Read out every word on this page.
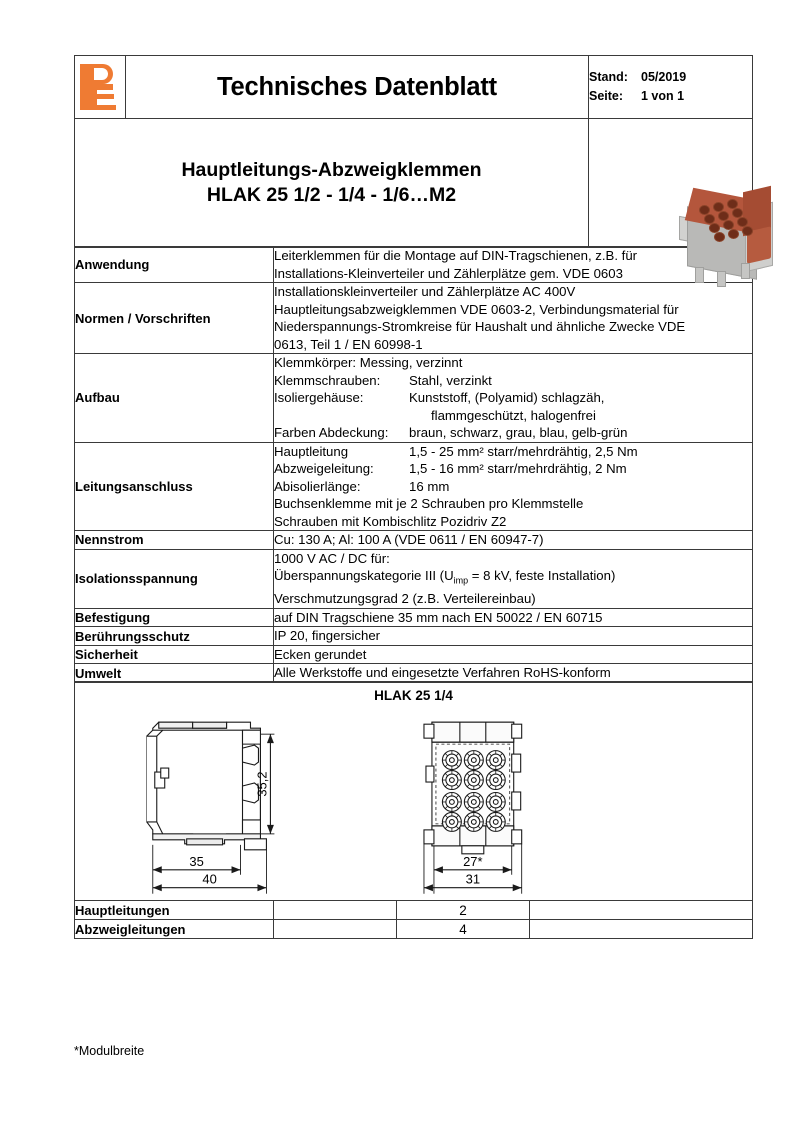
Technisches Datenblatt	Stand: 05/2019
Seite: 1 von 1
Hauptleitungs-Abzweigklemmen
HLAK 25 1/2 - 1/4 - 1/6…M2

Anwendung	Leiterklemmen für die Montage auf DIN-Tragschienen, z.B. für
Installations-Kleinverteiler und Zählerplätze gem. VDE 0603

Normen / Vorschriften	Installationskleinverteiler und Zählerplätze AC 400V
Hauptleitungsabzweigklemmen VDE 0603-2, Verbindungsmaterial für
Niederspannungs-Stromkreise für Haushalt und ähnliche Zwecke VDE
0613, Teil 1 / EN 60998-1

Aufbau	Klemmkörper: Messing, verzinnt
Klemmschrauben: Stahl, verzinkt
Isoliergehäuse: Kunststoff, (Polyamid) schlagzäh,
flammgeschützt, halogenfrei
Farben Abdeckung: braun, schwarz, grau, blau, gelb-grün

Leitungsanschluss	Hauptleitung 1,5 - 25 mm² starr/mehrdrähtig, 2,5 Nm
Abzweigeleitung: 1,5 - 16 mm² starr/mehrdrähtig, 2 Nm
Abisolierlänge: 16 mm
Buchsenklemme mit je 2 Schrauben pro Klemmstelle
Schrauben mit Kombischlitz Pozidriv Z2

Nennstrom	Cu: 130 A; Al: 100 A (VDE 0611 / EN 60947-7)

Isolationsspannung	1000 V AC / DC für:
Überspannungskategorie III ($U_{imp} = 8$ kV, feste Installation)
Verschmutzungsgrad 2 (z.B. Verteilereinbau)

Befestigung	auf DIN Tragschiene 35 mm nach EN 50022 / EN 60715

Berührungsschutz	IP 20, fingersicher

Sicherheit	Ecken gerundet

Umwelt	Alle Werkstoffe und eingesetzte Verfahren RoHS-konform
HLAK 25 1/4
35,2
35
40
27*
31
Hauptleitungen		2	
Abzweigleitungen		4	
*Modulbreite
